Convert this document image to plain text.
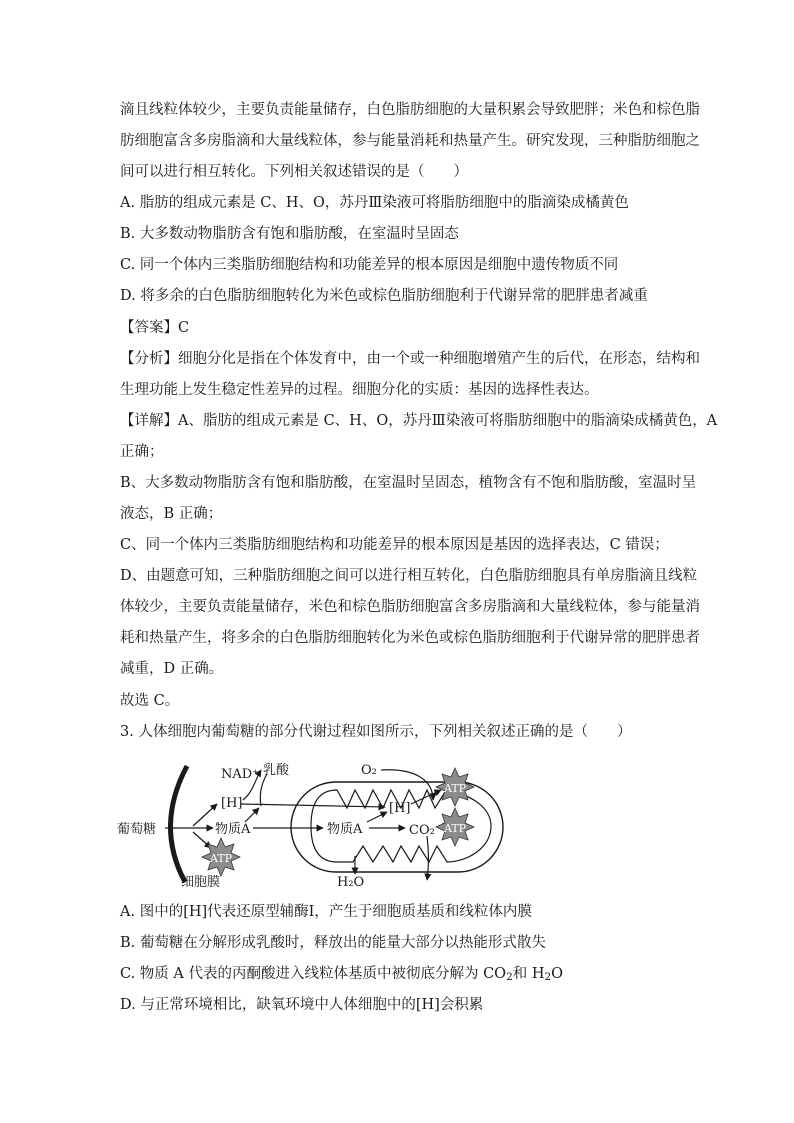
滴且线粒体较少，主要负责能量储存，白色脂肪细胞的大量积累会导致肥胖；米色和棕色脂
肪细胞富含多房脂滴和大量线粒体，参与能量消耗和热量产生。研究发现，三种脂肪细胞之
间可以进行相互转化。下列相关叙述错误的是（　　）
A. 脂肪的组成元素是 C、H、O，苏丹Ⅲ染液可将脂肪细胞中的脂滴染成橘黄色
B. 大多数动物脂肪含有饱和脂肪酸，在室温时呈固态
C. 同一个体内三类脂肪细胞结构和功能差异的根本原因是细胞中遗传物质不同
D. 将多余的白色脂肪细胞转化为米色或棕色脂肪细胞利于代谢异常的肥胖患者减重
【答案】C
【分析】细胞分化是指在个体发育中，由一个或一种细胞增殖产生的后代，在形态，结构和
生理功能上发生稳定性差异的过程。细胞分化的实质：基因的选择性表达。
【详解】A、脂肪的组成元素是 C、H、O，苏丹Ⅲ染液可将脂肪细胞中的脂滴染成橘黄色，A
正确；
B、大多数动物脂肪含有饱和脂肪酸，在室温时呈固态，植物含有不饱和脂肪酸，室温时呈
液态，B 正确；
C、同一个体内三类脂肪细胞结构和功能差异的根本原因是基因的选择表达，C 错误；
D、由题意可知，三种脂肪细胞之间可以进行相互转化，白色脂肪细胞具有单房脂滴且线粒
体较少，主要负责能量储存，米色和棕色脂肪细胞富含多房脂滴和大量线粒体，参与能量消
耗和热量产生，将多余的白色脂肪细胞转化为米色或棕色脂肪细胞利于代谢异常的肥胖患者
减重，D 正确。
故选 C。
3. 人体细胞内葡萄糖的部分代谢过程如图所示，下列相关叙述正确的是（　　）
葡萄糖
细胞膜
NAD⁺ 乳酸
[H]
物质A
O₂
[H]
物质A	CO₂
H₂O
ATP
ATP
ATP
A. 图中的[H]代表还原型辅酶Ⅰ，产生于细胞质基质和线粒体内膜
B. 葡萄糖在分解形成乳酸时，释放出的能量大部分以热能形式散失
C. 物质 A 代表的丙酮酸进入线粒体基质中被彻底分解为 $CO_2$和 $H_2O$
D. 与正常环境相比，缺氧环境中人体细胞中的[H]会积累
